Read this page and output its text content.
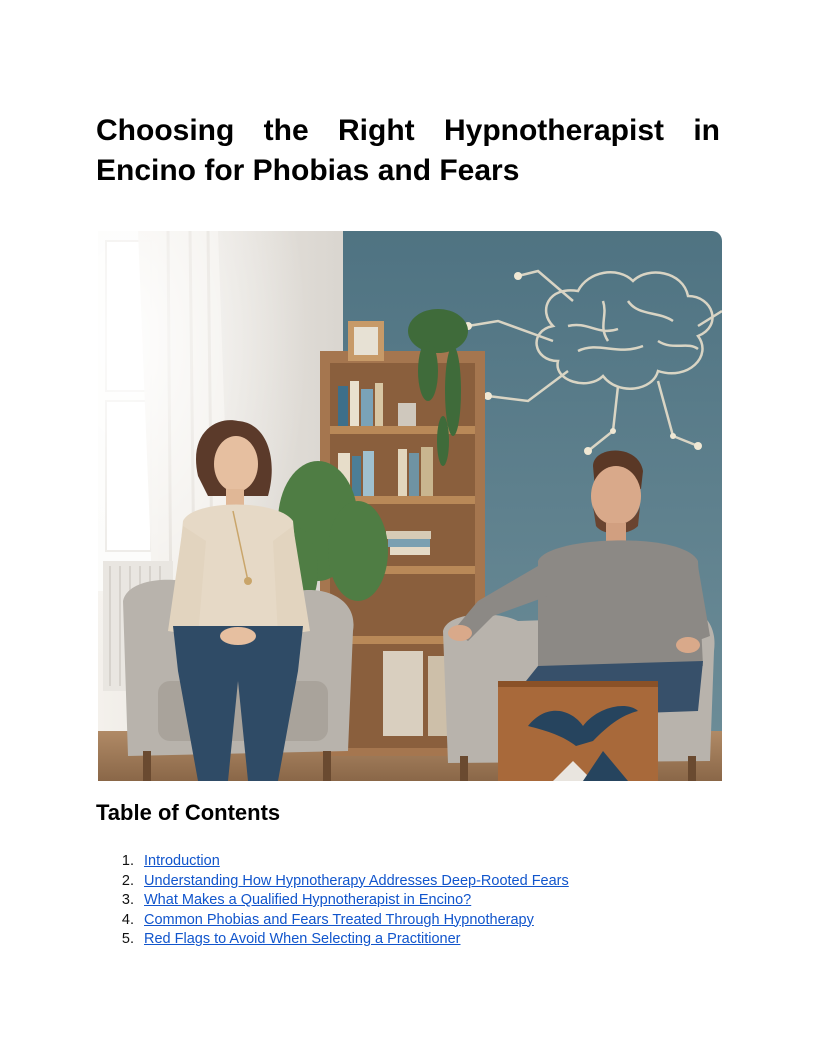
Choosing the Right Hypnotherapist in Encino for Phobias and Fears
Table of Contents
1. Introduction
2. Understanding How Hypnotherapy Addresses Deep-Rooted Fears
3. What Makes a Qualified Hypnotherapist in Encino?
4. Common Phobias and Fears Treated Through Hypnotherapy
5. Red Flags to Avoid When Selecting a Practitioner
